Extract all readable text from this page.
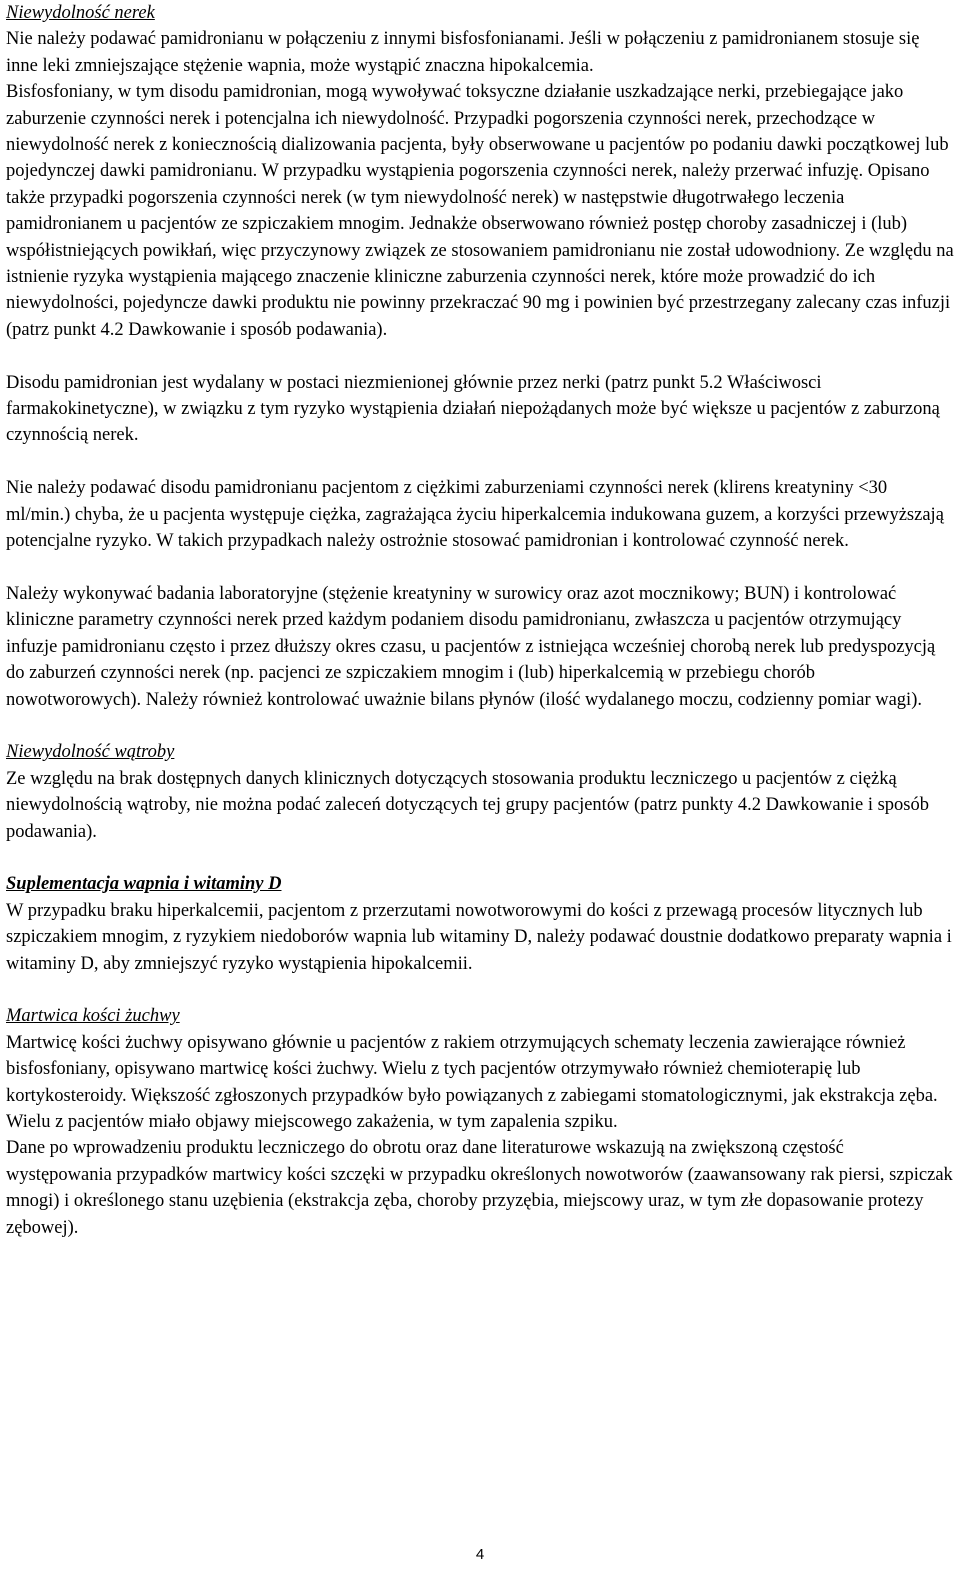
Niewydolność nerek

Nie należy podawać pamidronianu w połączeniu z innymi bisfosfonianami. Jeśli w połączeniu z pamidronianem stosuje się inne leki zmniejszające stężenie wapnia, może wystąpić znaczna hipokalcemia.

Bisfosfoniany, w tym disodu pamidronian, mogą wywoływać toksyczne działanie uszkadzające nerki, przebiegające jako zaburzenie czynności nerek i potencjalna ich niewydolność. Przypadki pogorszenia czynności nerek, przechodzące w niewydolność nerek z koniecznością dializowania pacjenta, były obserwowane u pacjentów po podaniu dawki początkowej lub pojedynczej dawki pamidronianu. W przypadku wystąpienia pogorszenia czynności nerek, należy przerwać infuzję. Opisano także przypadki pogorszenia czynności nerek (w tym niewydolność nerek) w następstwie długotrwałego leczenia pamidronianem u pacjentów ze szpiczakiem mnogim. Jednakże obserwowano również postęp choroby zasadniczej i (lub) współistniejących powikłań, więc przyczynowy związek ze stosowaniem pamidronianu nie został udowodniony. Ze względu na istnienie ryzyka wystąpienia mającego znaczenie kliniczne zaburzenia czynności nerek, które może prowadzić do ich niewydolności, pojedyncze dawki produktu nie powinny przekraczać 90 mg i powinien być przestrzegany zalecany czas infuzji (patrz punkt 4.2 Dawkowanie i sposób podawania).

Disodu pamidronian jest wydalany w postaci niezmienionej głównie przez nerki (patrz punkt 5.2 Właściwosci farmakokinetyczne), w związku z tym ryzyko wystąpienia działań niepożądanych może być większe u pacjentów z zaburzoną czynnością nerek.

Nie należy podawać disodu pamidronianu pacjentom z ciężkimi zaburzeniami czynności nerek (klirens kreatyniny <30 ml/min.) chyba, że u pacjenta występuje ciężka, zagrażająca życiu hiperkalcemia indukowana guzem, a korzyści przewyższają potencjalne ryzyko. W takich przypadkach należy ostrożnie stosować pamidronian i kontrolować czynność nerek.

Należy wykonywać badania laboratoryjne (stężenie kreatyniny w surowicy oraz azot mocznikowy; BUN) i kontrolować kliniczne parametry czynności nerek przed każdym podaniem disodu pamidronianu, zwłaszcza u pacjentów otrzymujący infuzje pamidronianu często i przez dłuższy okres czasu, u pacjentów z istniejąca wcześniej chorobą nerek lub predyspozycją do zaburzeń czynności nerek (np. pacjenci ze szpiczakiem mnogim i (lub) hiperkalcemią w przebiegu chorób nowotworowych). Należy również kontrolować uważnie bilans płynów (ilość wydalanego moczu, codzienny pomiar wagi).

Niewydolność wątroby

Ze względu na brak dostępnych danych klinicznych dotyczących stosowania produktu leczniczego u pacjentów z ciężką niewydolnością wątroby, nie można podać zaleceń dotyczących tej grupy pacjentów (patrz punkty 4.2 Dawkowanie i sposób podawania).

Suplementacja wapnia i witaminy D

W przypadku braku hiperkalcemii, pacjentom z przerzutami nowotworowymi do kości z przewagą procesów litycznych lub szpiczakiem mnogim, z ryzykiem niedoborów wapnia lub witaminy D, należy podawać doustnie dodatkowo preparaty wapnia i witaminy D, aby zmniejszyć ryzyko wystąpienia hipokalcemii.

Martwica kości żuchwy

Martwicę kości żuchwy opisywano głównie u pacjentów z rakiem otrzymujących schematy leczenia zawierające również bisfosfoniany, opisywano martwicę kości żuchwy. Wielu z tych pacjentów otrzymywało również chemioterapię lub kortykosteroidy. Większość zgłoszonych przypadków było powiązanych z zabiegami stomatologicznymi, jak ekstrakcja zęba. Wielu z pacjentów miało objawy miejscowego zakażenia, w tym zapalenia szpiku.

Dane po wprowadzeniu produktu leczniczego do obrotu oraz dane literaturowe wskazują na zwiększoną częstość występowania przypadków martwicy kości szczęki w przypadku określonych nowotworów (zaawansowany rak piersi, szpiczak mnogi) i określonego stanu uzębienia (ekstrakcja zęba, choroby przyzębia, miejscowy uraz, w tym złe dopasowanie protezy zębowej).

4
